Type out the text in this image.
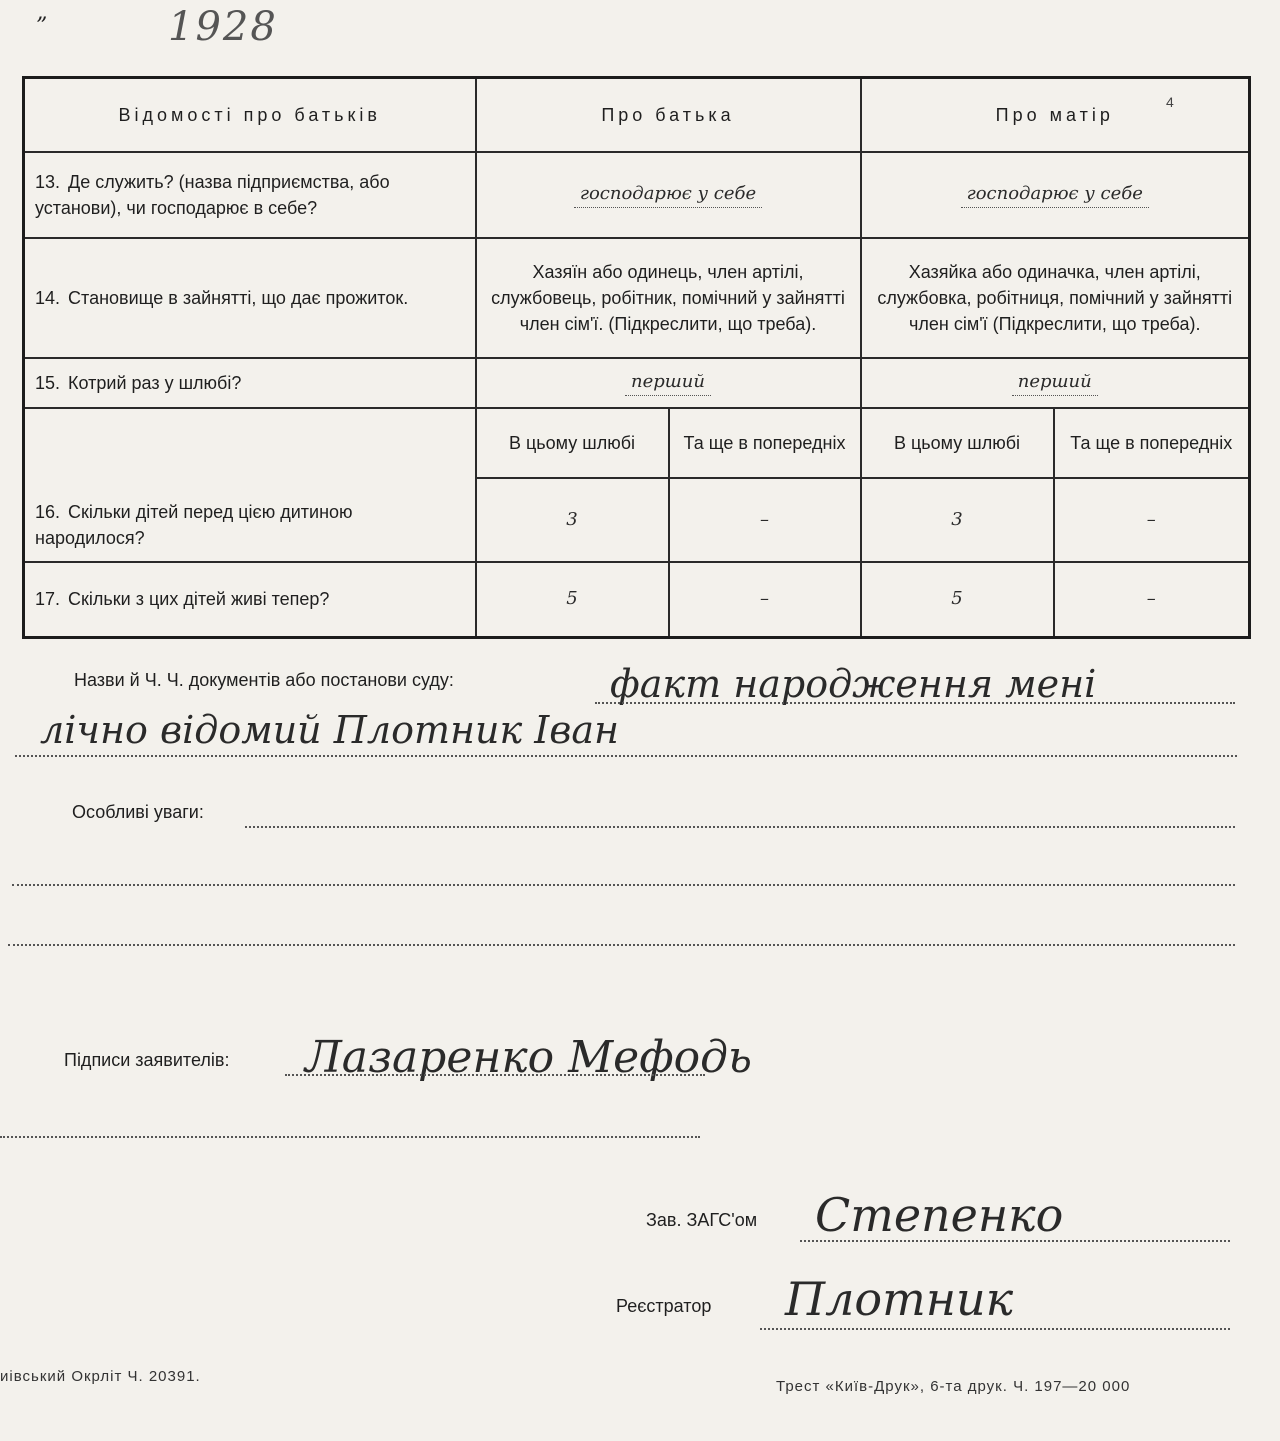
”	1928
4
Відомості про батьків	Про батька		Про матір	
13. Де служить? (назва підприємства, або установи), чи господарює в себе?	господарює у себе		господарює у себе	
14. Становище в зайнятті, що дає прожиток.	Хазяїн або одинець, член артілі, службовець, робітник, помічний у зайнятті член сім'ї. (Підкреслити, що треба).		Хазяйка або одиначка, член артілі, службовка, робітниця, помічний у зайнятті член сім'ї (Підкреслити, що треба).	
15. Котрий раз у шлюбі?	перший		перший	
16. Скільки дітей перед цією дитиною народилося?	В цьому шлюбі	Та ще в попередніх	В цьому шлюбі	Та ще в попередніх
	3	–	3	–
17. Скільки з цих дітей живі тепер?	5	–	5	–
Назви й Ч. Ч. документів або постанови суду:	факт народження мені
лічно відомий Плотник Іван
Особливі уваги:
Підписи заявителів: Лазаренко Мефодь
Зав. ЗАГС'ом Степенко
Реєстратор Плотник
иівський Окрліт Ч. 20391.
Трест «Київ-Друк», 6-та друк. Ч. 197—20 000
